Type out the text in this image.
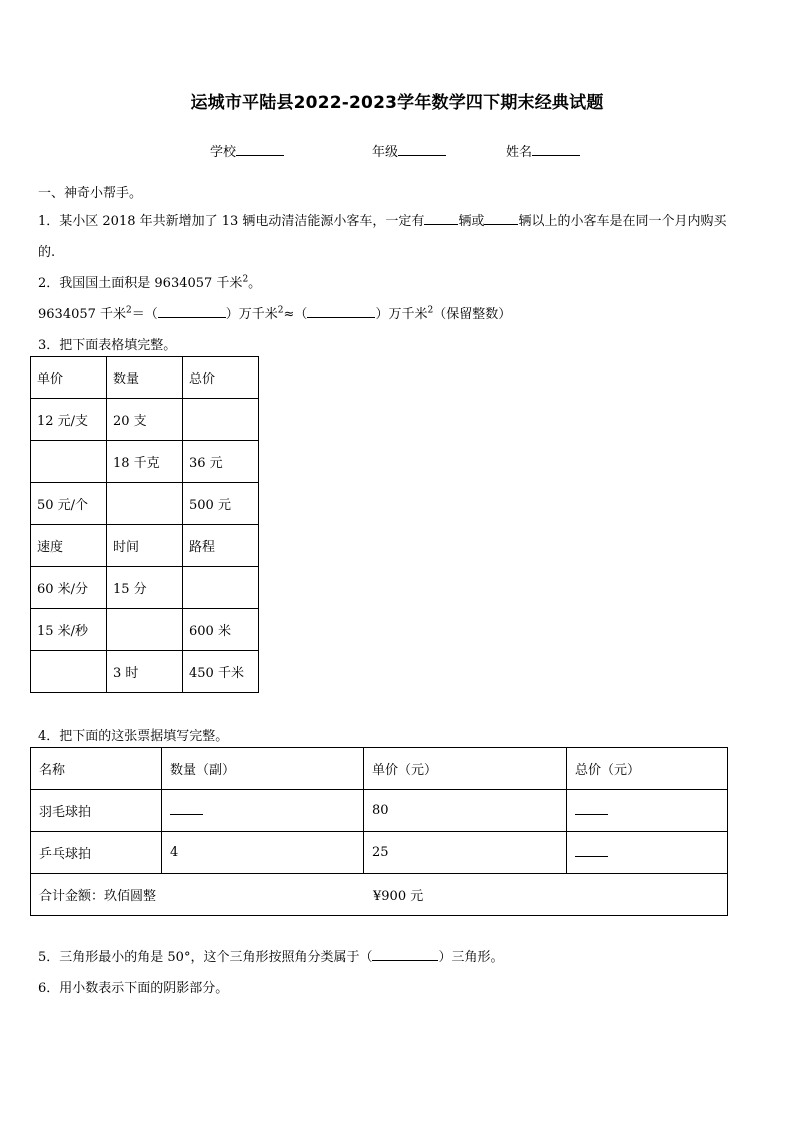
运城市平陆县2022-2023学年数学四下期末经典试题
学校	年级	姓名
一、神奇小帮手。
1．某小区 2018 年共新增加了 13 辆电动清洁能源小客车，一定有	辆或	辆以上的小客车是在同一个月内购买
的.
2．我国国土面积是 9634057 千米$^2$。
9634057 千米$^2$＝（	）万千米$^2$≈（	）万千米$^2$（保留整数）
3．把下面表格填完整。
单价	数量	总价
12 元/支	20 支	
	18 千克	36 元
50 元/个		500 元
速度	时间	路程
60 米/分	15 分	
15 米/秒		600 米
	3 时	450 千米
4．把下面的这张票据填写完整。
名称	数量（副）	单价（元）	总价（元）
羽毛球拍		80	
乒乓球拍	4	25	
合计金额：玖佰圆整 ¥900 元			
5．三角形最小的角是 50°，这个三角形按照角分类属于（	）三角形。
6．用小数表示下面的阴影部分。
